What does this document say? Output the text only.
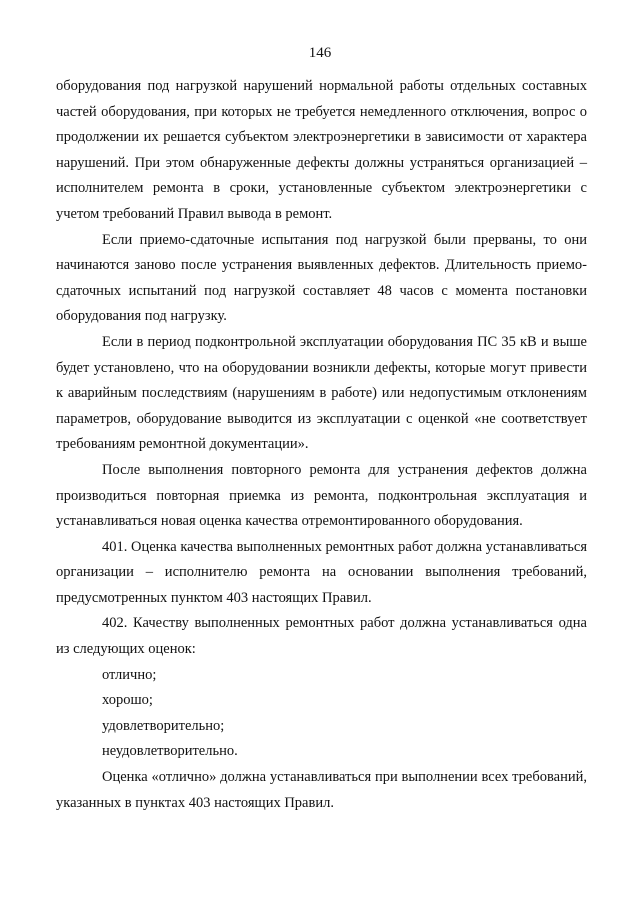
146

оборудования под нагрузкой нарушений нормальной работы отдельных составных частей оборудования, при которых не требуется немедленного отключения, вопрос о продолжении их решается субъектом электроэнергетики в зависимости от характера нарушений. При этом обнаруженные дефекты должны устраняться организацией – исполнителем ремонта в сроки, установленные субъектом электроэнергетики с учетом требований Правил вывода в ремонт.

Если приемо-сдаточные испытания под нагрузкой были прерваны, то они начинаются заново после устранения выявленных дефектов. Длительность приемо-сдаточных испытаний под нагрузкой составляет 48 часов с момента постановки оборудования под нагрузку.

Если в период подконтрольной эксплуатации оборудования ПС 35 кВ и выше будет установлено, что на оборудовании возникли дефекты, которые могут привести к аварийным последствиям (нарушениям в работе) или недопустимым отклонениям параметров, оборудование выводится из эксплуатации с оценкой «не соответствует требованиям ремонтной документации».

После выполнения повторного ремонта для устранения дефектов должна производиться повторная приемка из ремонта, подконтрольная эксплуатация и устанавливаться новая оценка качества отремонтированного оборудования.

401. Оценка качества выполненных ремонтных работ должна устанавливаться организации – исполнителю ремонта на основании выполнения требований, предусмотренных пунктом 403 настоящих Правил.

402. Качеству выполненных ремонтных работ должна устанавливаться одна из следующих оценок:

отлично;

хорошо;

удовлетворительно;

неудовлетворительно.

Оценка «отлично» должна устанавливаться при выполнении всех требований, указанных в пунктах 403 настоящих Правил.
